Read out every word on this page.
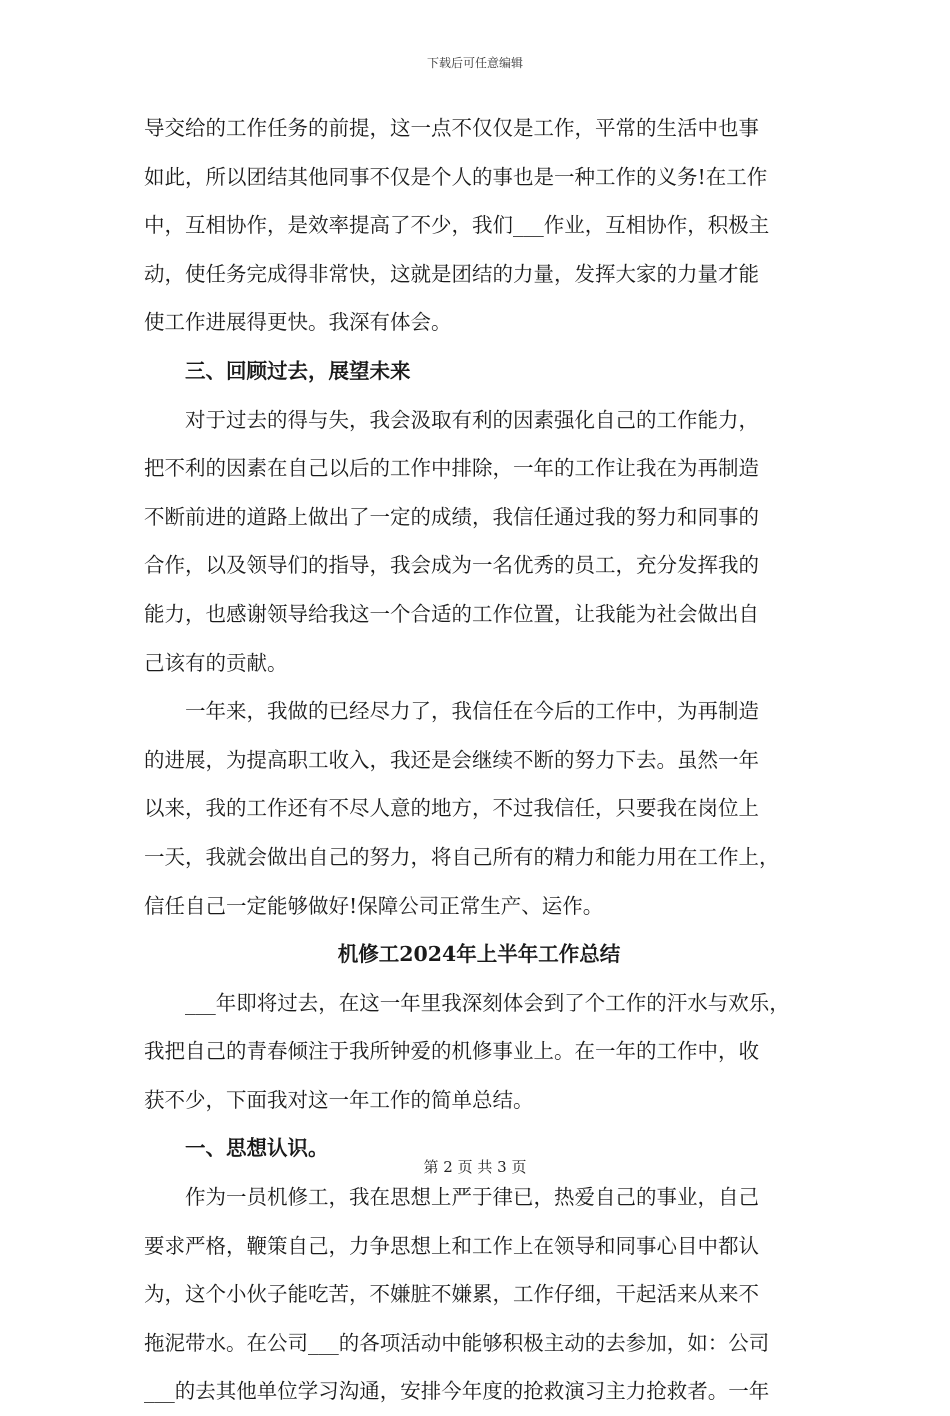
下载后可任意编辑
导交给的工作任务的前提，这一点不仅仅是工作，平常的生活中也事
如此，所以团结其他同事不仅是个人的事也是一种工作的义务!在工作
中，互相协作，是效率提高了不少，我们___作业，互相协作，积极主
动，使任务完成得非常快，这就是团结的力量，发挥大家的力量才能
使工作进展得更快。我深有体会。
三、回顾过去，展望未来
对于过去的得与失，我会汲取有利的因素强化自己的工作能力，
把不利的因素在自己以后的工作中排除，一年的工作让我在为再制造
不断前进的道路上做出了一定的成绩，我信任通过我的努力和同事的
合作，以及领导们的指导，我会成为一名优秀的员工，充分发挥我的
能力，也感谢领导给我这一个合适的工作位置，让我能为社会做出自
己该有的贡献。
一年来，我做的已经尽力了，我信任在今后的工作中，为再制造
的进展，为提高职工收入，我还是会继续不断的努力下去。虽然一年
以来，我的工作还有不尽人意的地方，不过我信任，只要我在岗位上
一天，我就会做出自己的努力，将自己所有的精力和能力用在工作上，
信任自己一定能够做好!保障公司正常生产、运作。
机修工2024年上半年工作总结
___年即将过去，在这一年里我深刻体会到了个工作的汗水与欢乐，
我把自己的青春倾注于我所钟爱的机修事业上。在一年的工作中，收
获不少，下面我对这一年工作的简单总结。
一、思想认识。
作为一员机修工，我在思想上严于律已，热爱自己的事业，自己
要求严格，鞭策自己，力争思想上和工作上在领导和同事心目中都认
为，这个小伙子能吃苦，不嫌脏不嫌累，工作仔细，干起活来从来不
拖泥带水。在公司___的各项活动中能够积极主动的去参加，如：公司
___的去其他单位学习沟通，安排今年度的抢救演习主力抢救者。一年
第 2 页 共 3 页
